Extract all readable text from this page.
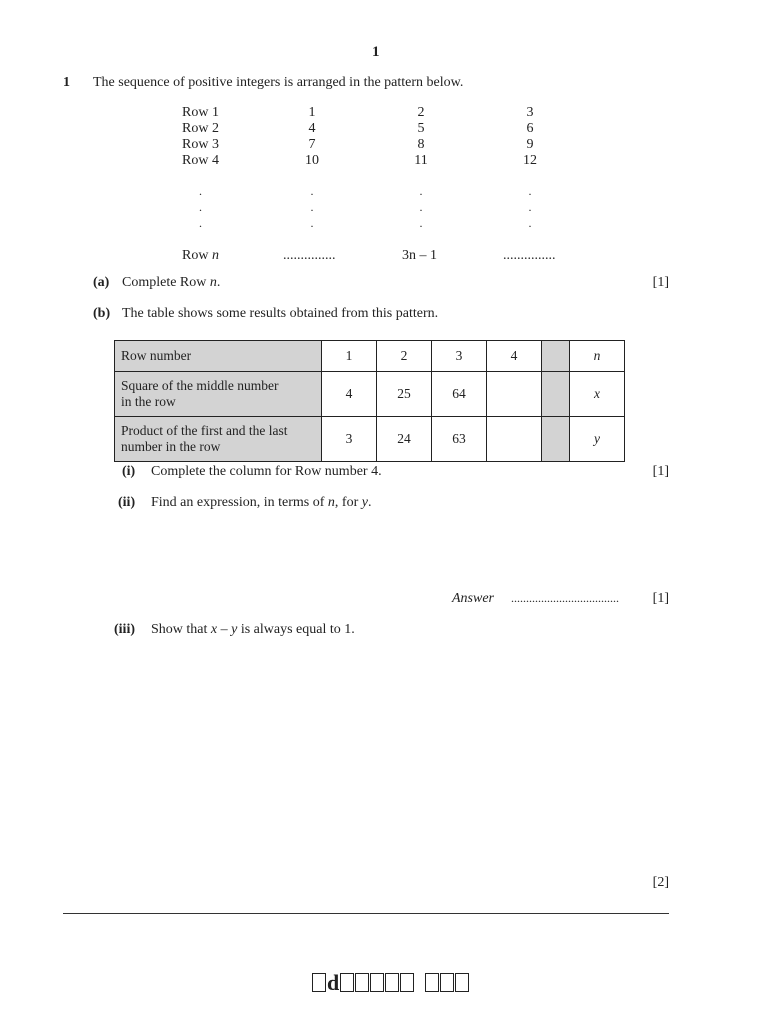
1
1 The sequence of positive integers is arranged in the pattern below.
Row 1	1	2	3
Row 2	4	5	6
Row 3	7	8	9
Row 4	10	11	12
.	.	.	.
.	.	.	.
.	.	.	.
Row n	...............	3n – 1	...............
(a) Complete Row n.	[1]
(b) The table shows some results obtained from this pattern.
Row number	1	2	3	4		n
Square of the middle number
in the row	4	25	64			x
Product of the first and the last
number in the row	3	24	63			y
(i) Complete the column for Row number 4.	[1]
(ii) Find an expression, in terms of n, for y.
Answer .................................... [1]
(iii) Show that x – y is always equal to 1.
[2]
d
